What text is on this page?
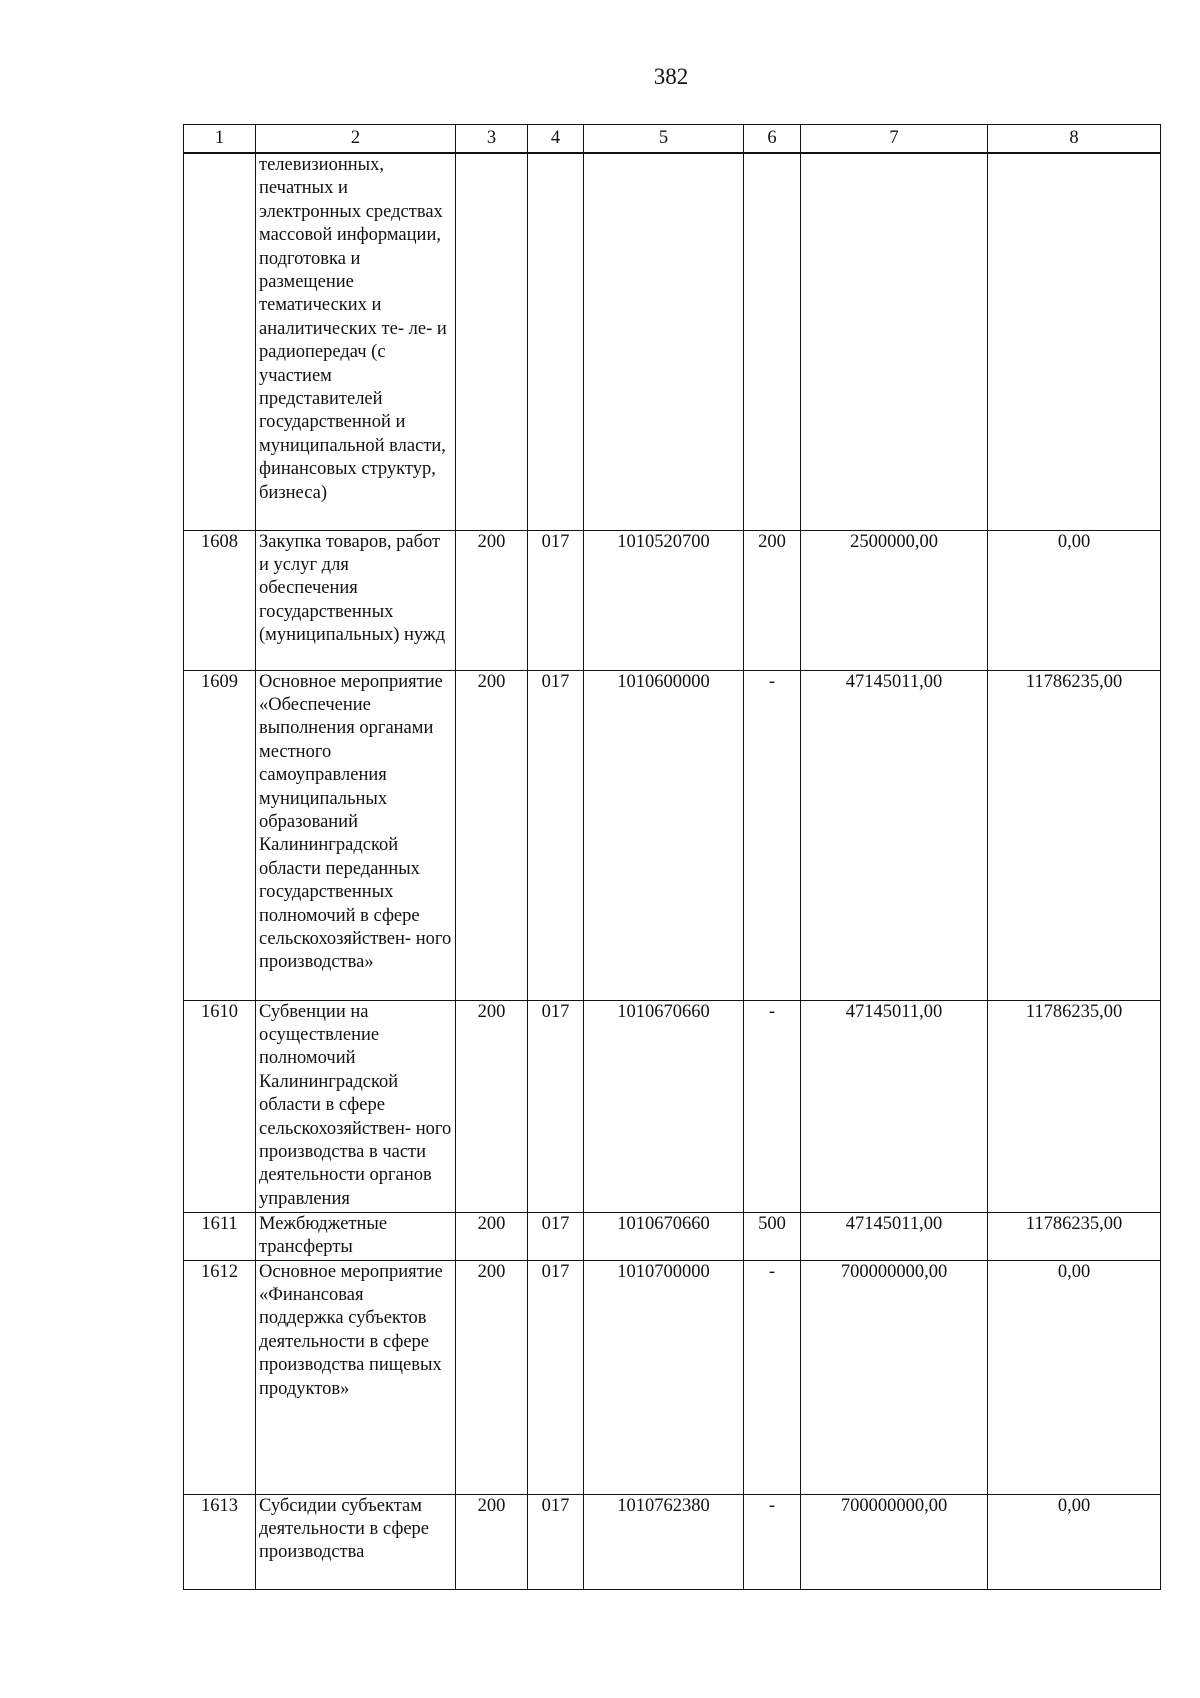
382
1	2	3	4	5	6	7	8
	телевизионных, печатных и электронных средствах массовой информации, подготовка и размещение тематических и аналитических те- ле- и радиопередач (с участием представителей государственной и муниципальной власти, финансовых структур, бизнеса)						
1608	Закупка товаров, работ и услуг для обеспечения государственных (муниципальных) нужд	200	017	1010520700	200	2500000,00	0,00
1609	Основное мероприятие «Обеспечение выполнения органами местного самоуправления муниципальных образований Калининградской области переданных государственных полномочий в сфере сельскохозяйствен- ного производства»	200	017	1010600000	-	47145011,00	11786235,00
1610	Субвенции на осуществление полномочий Калининградской области в сфере сельскохозяйствен- ного производства в части деятельности органов управления	200	017	1010670660	-	47145011,00	11786235,00
1611	Межбюджетные трансферты	200	017	1010670660	500	47145011,00	11786235,00
1612	Основное мероприятие «Финансовая поддержка субъектов деятельности в сфере производства пищевых продуктов»	200	017	1010700000	-	700000000,00	0,00
1613	Субсидии субъектам деятельности в сфере производства	200	017	1010762380	-	700000000,00	0,00
